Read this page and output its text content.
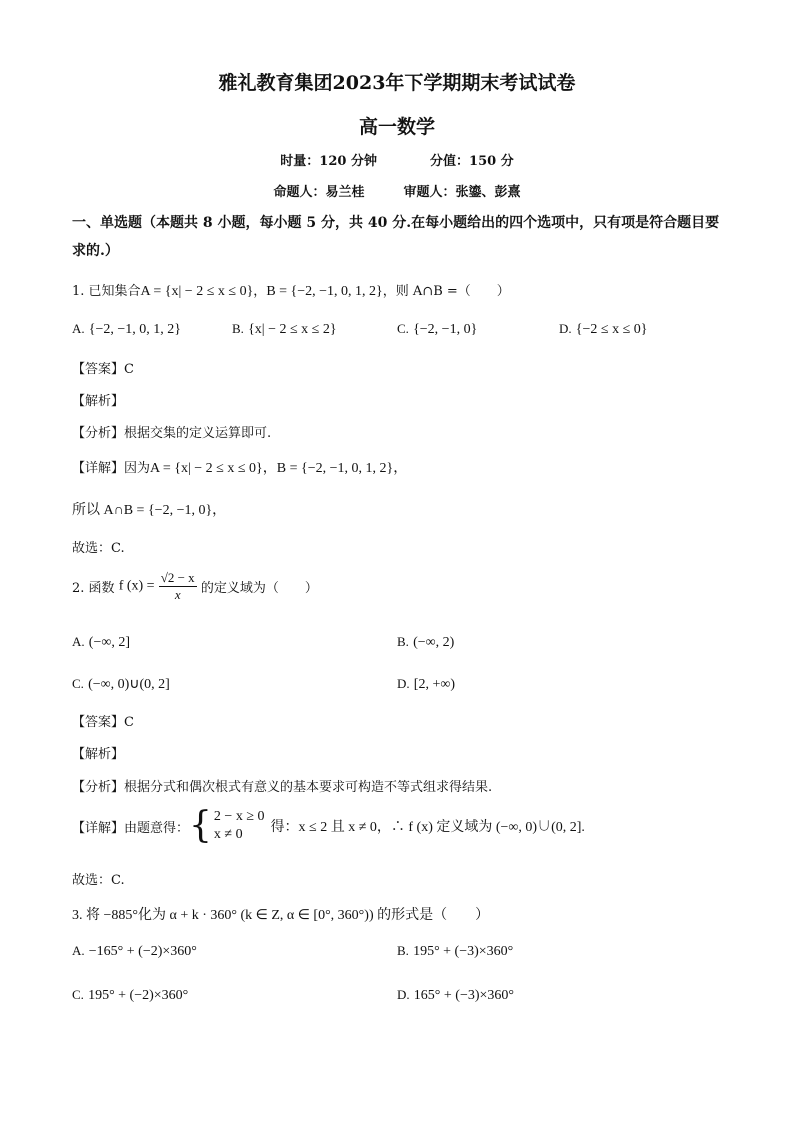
雅礼教育集团2023年下学期期末考试试卷
高一数学
时量：120 分钟	分值：150 分
命题人：易兰桂	审题人：张鎏、彭熹
一、单选题（本题共 8 小题，每小题 5 分，共 40 分.在每小题给出的四个选项中，只有项是符合题目要求的.）
1. 已知集合A = {x| − 2 ≤ x ≤ 0}，B = {−2, −1, 0, 1, 2}，则 A∩B =（　　）
A. {−2, −1, 0, 1, 2}	B. {x| − 2 ≤ x ≤ 2}	C. {−2, −1, 0}	D. {−2 ≤ x ≤ 0}
【答案】C
【解析】
【分析】根据交集的定义运算即可.
【详解】因为A = {x| − 2 ≤ x ≤ 0}，B = {−2, −1, 0, 1, 2}，
所以 A∩B = {−2, −1, 0}，
故选：C.
2. 函数 f $(x) = \frac{√2 - x}{x}$ 的定义域为（　　）
A. (−∞, 2]	B. (−∞, 2)
C. (−∞, 0)∪(0, 2]	D. [2, +∞)
【答案】C
【解析】
【分析】根据分式和偶次根式有意义的基本要求可构造不等式组求得结果.
【详解】由题意得： { 2 − x ≥ 0
x ≠ 0	得：x ≤ 2 且 x ≠ 0，∴ f (x) 定义域为 (−∞, 0)∪(0, 2].
故选：C.
3. 将 −885°化为 α + k · 360° (k ∈ Z, α ∈ [0°, 360°)) 的形式是（　　）
A. −165° + (−2)×360°	B. 195° + (−3)×360°
C. 195° + (−2)×360°	D. 165° + (−3)×360°
